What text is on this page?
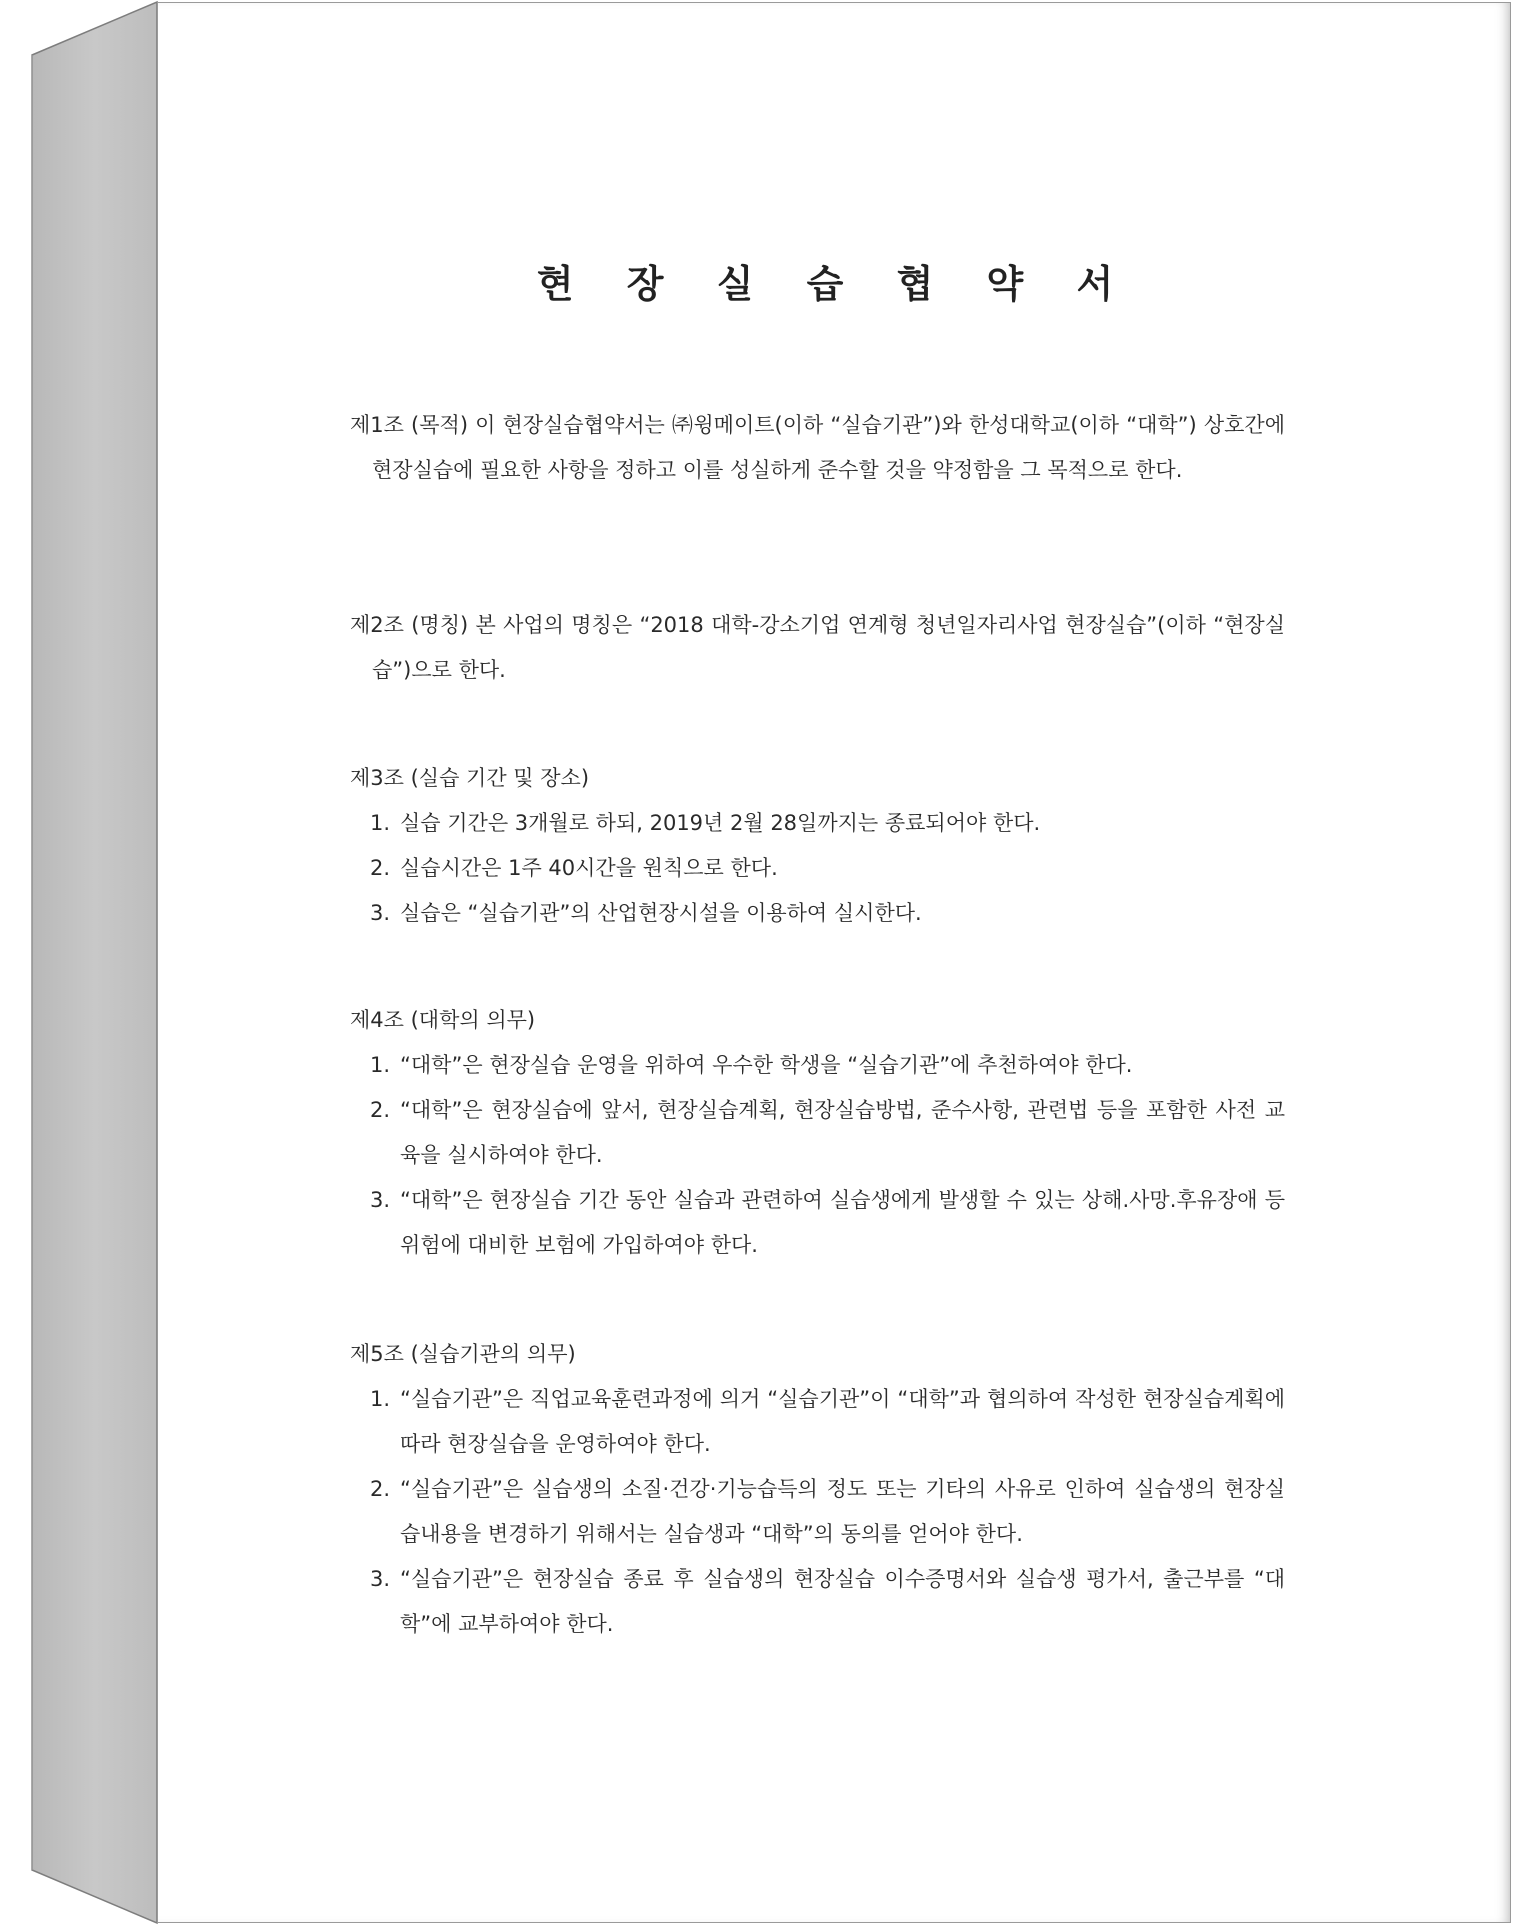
현 장 실 습 협 약 서

제1조 (목적) 이 현장실습협약서는 ㈜윙메이트(이하 “실습기관”)와 한성대학교(이하 “대학”) 상호간에 현장실습에 필요한 사항을 정하고 이를 성실하게 준수할 것을 약정함을 그 목적으로 한다.

제2조 (명칭) 본 사업의 명칭은 “2018 대학-강소기업 연계형 청년일자리사업 현장실습”(이하 “현장실습”)으로 한다.

제3조 (실습 기간 및 장소)

1. 실습 기간은 3개월로 하되, 2019년 2월 28일까지는 종료되어야 한다.
2. 실습시간은 1주 40시간을 원칙으로 한다.
3. 실습은 “실습기관”의 산업현장시설을 이용하여 실시한다.

제4조 (대학의 의무)

1. “대학”은 현장실습 운영을 위하여 우수한 학생을 “실습기관”에 추천하여야 한다.
2. “대학”은 현장실습에 앞서, 현장실습계획, 현장실습방법, 준수사항, 관련법 등을 포함한 사전 교육을 실시하여야 한다.
3. “대학”은 현장실습 기간 동안 실습과 관련하여 실습생에게 발생할 수 있는 상해.사망.후유장애 등 위험에 대비한 보험에 가입하여야 한다.

제5조 (실습기관의 의무)

1. “실습기관”은 직업교육훈련과정에 의거 “실습기관”이 “대학”과 협의하여 작성한 현장실습계획에 따라 현장실습을 운영하여야 한다.
2. “실습기관”은 실습생의 소질·건강·기능습득의 정도 또는 기타의 사유로 인하여 실습생의 현장실습내용을 변경하기 위해서는 실습생과 “대학”의 동의를 얻어야 한다.
3. “실습기관”은 현장실습 종료 후 실습생의 현장실습 이수증명서와 실습생 평가서, 출근부를 “대학”에 교부하여야 한다.
